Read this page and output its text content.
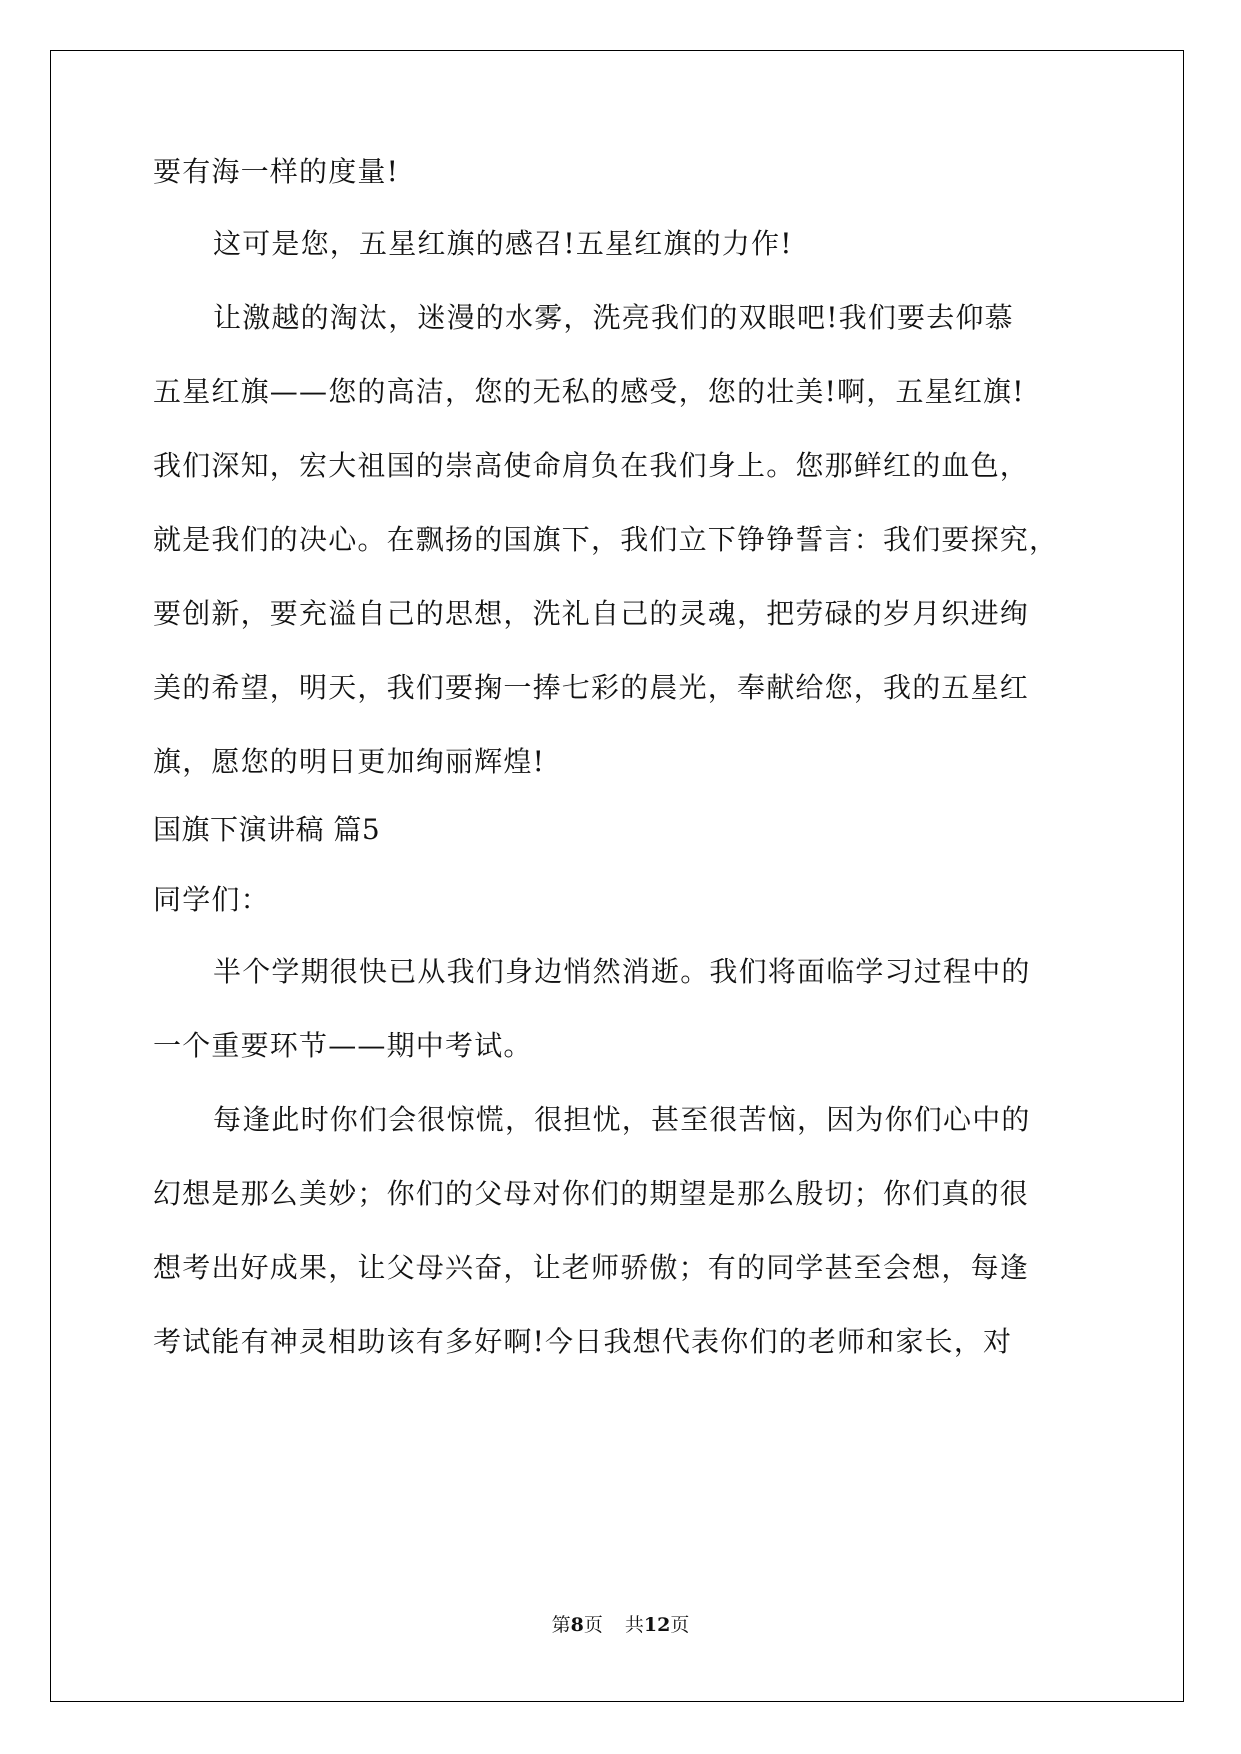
要有海一样的度量!
这可是您，五星红旗的感召!五星红旗的力作!
让激越的淘汰，迷漫的水雾，洗亮我们的双眼吧!我们要去仰慕
五星红旗——您的高洁，您的无私的感受，您的壮美!啊，五星红旗!
我们深知，宏大祖国的崇高使命肩负在我们身上。您那鲜红的血色，
就是我们的决心。在飘扬的国旗下，我们立下铮铮誓言：我们要探究，
要创新，要充溢自己的思想，洗礼自己的灵魂，把劳碌的岁月织进绚
美的希望，明天，我们要掬一捧七彩的晨光，奉献给您，我的五星红
旗，愿您的明日更加绚丽辉煌!
国旗下演讲稿 篇5
同学们：
半个学期很快已从我们身边悄然消逝。我们将面临学习过程中的
一个重要环节——期中考试。
每逢此时你们会很惊慌，很担忧，甚至很苦恼，因为你们心中的
幻想是那么美妙；你们的父母对你们的期望是那么殷切；你们真的很
想考出好成果，让父母兴奋，让老师骄傲；有的同学甚至会想，每逢
考试能有神灵相助该有多好啊!今日我想代表你们的老师和家长，对
第8页 共12页
